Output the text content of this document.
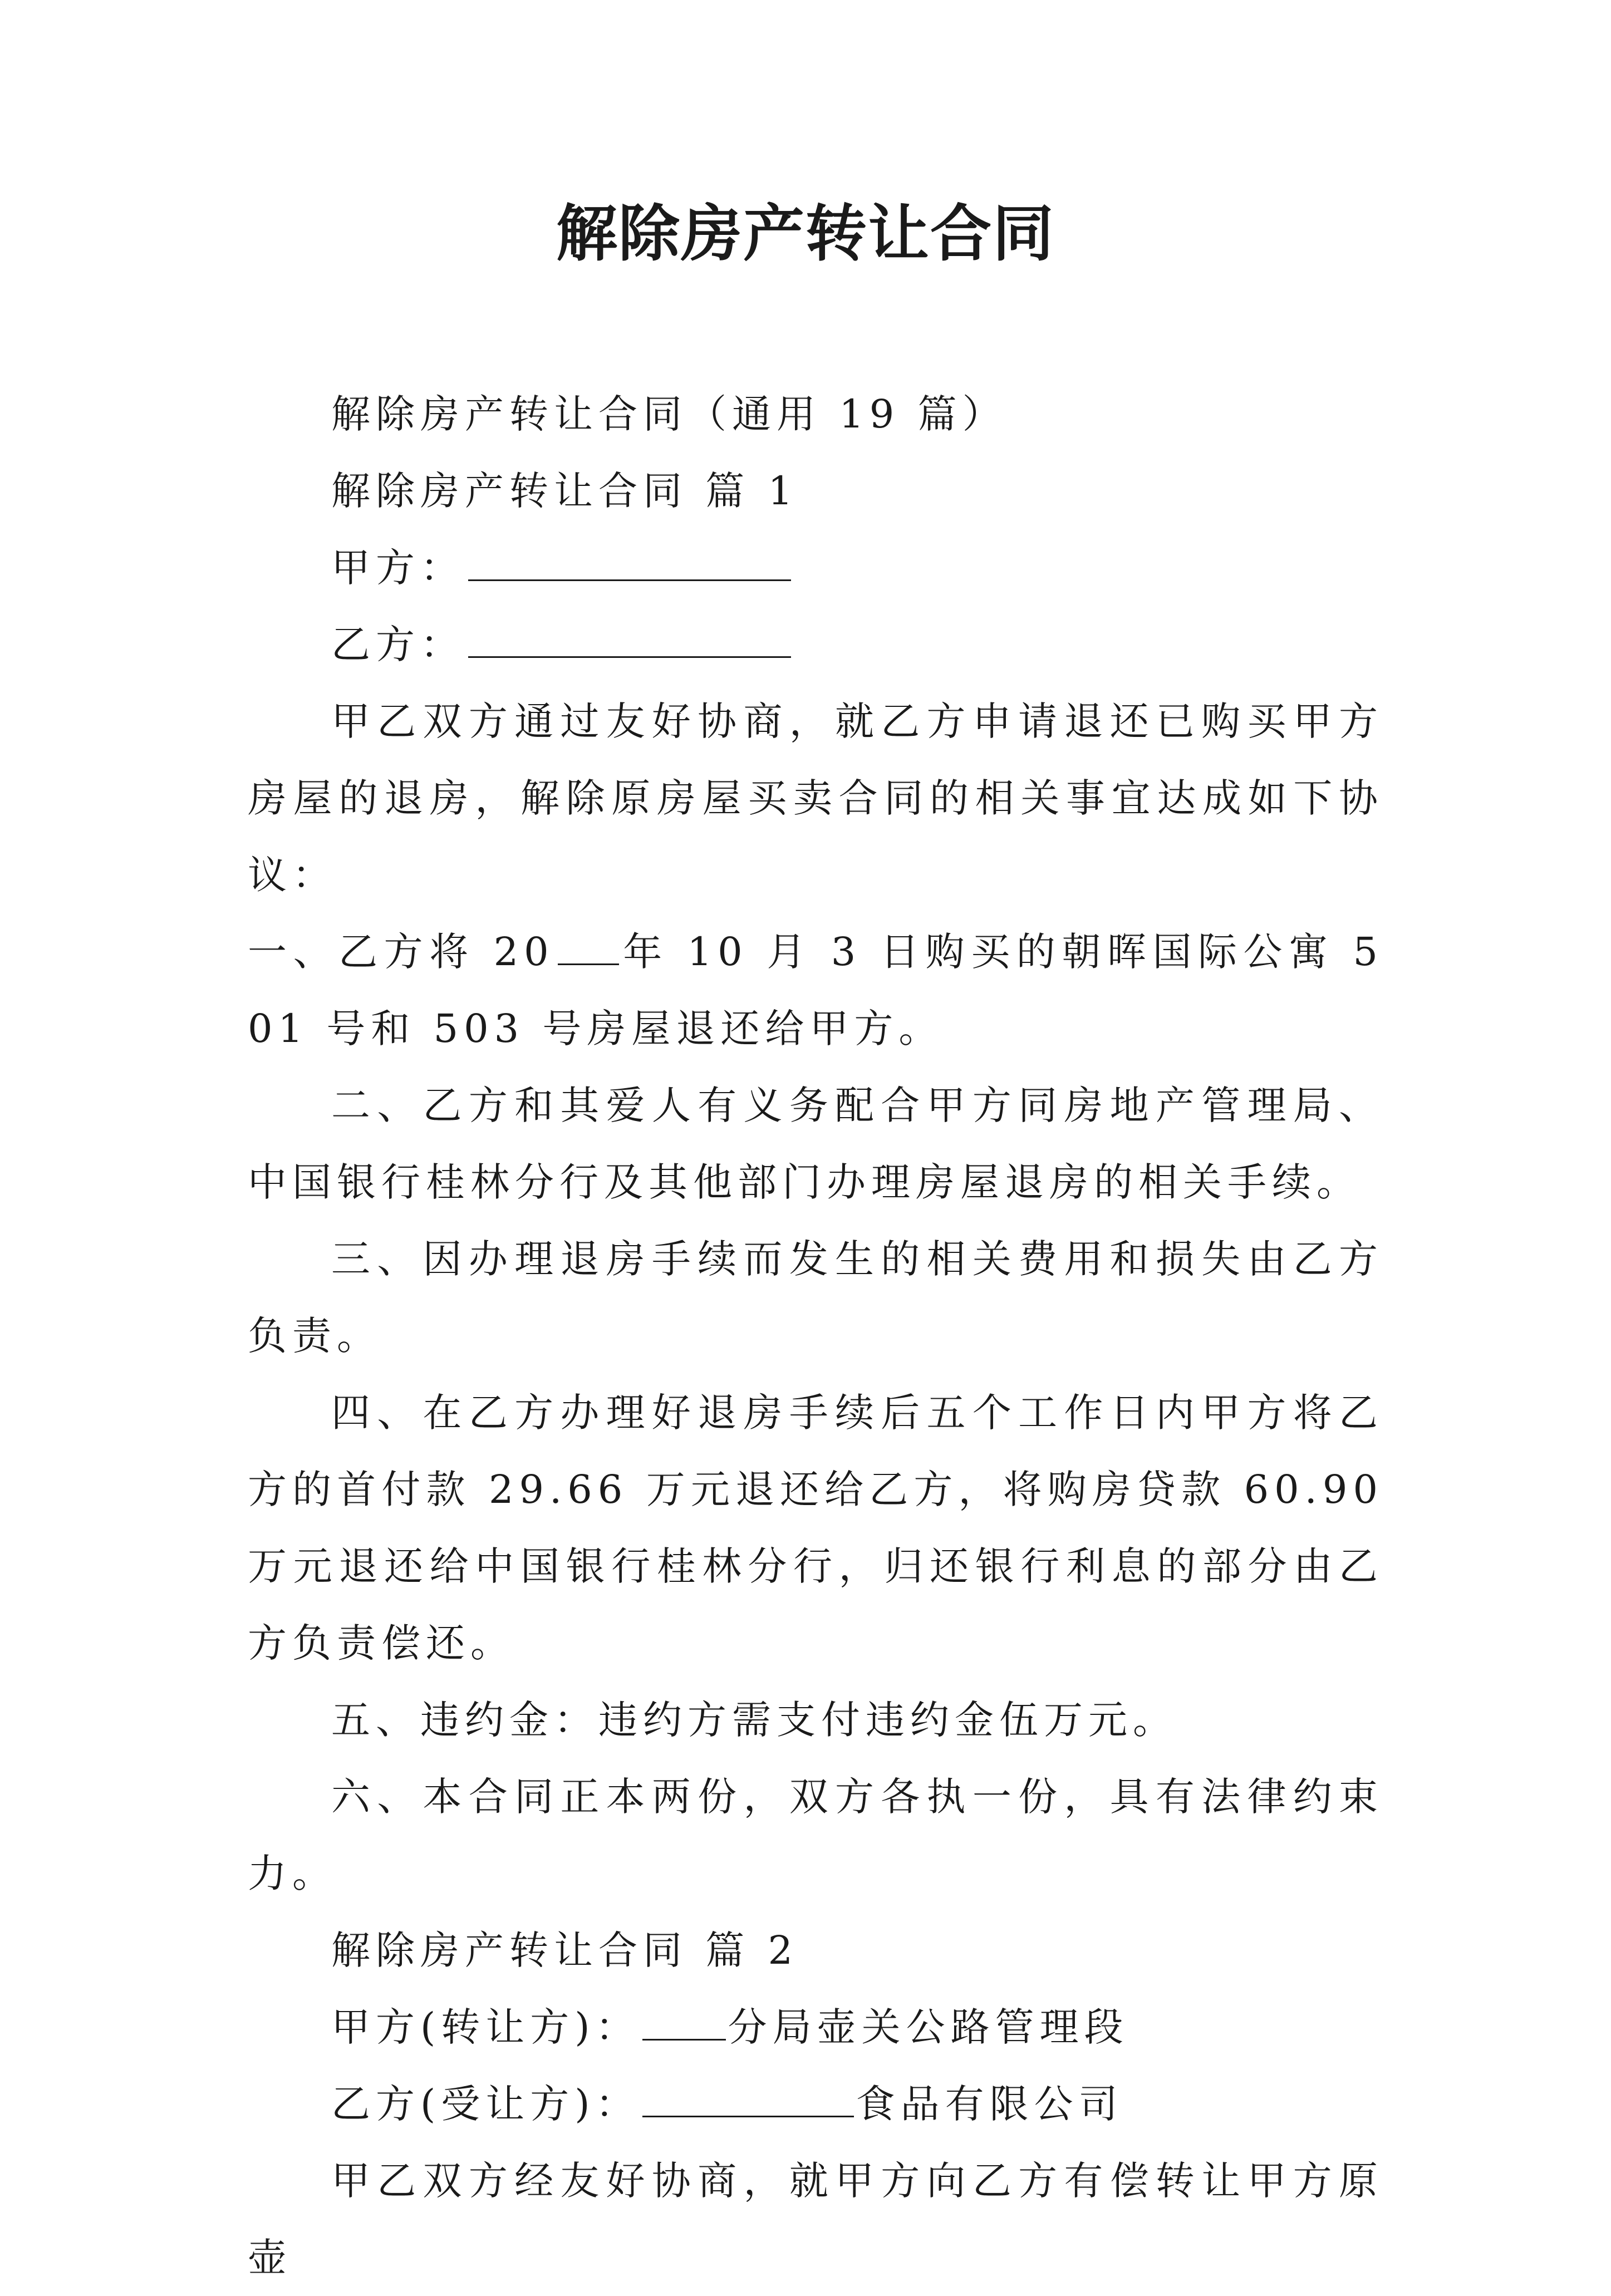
解除房产转让合同

解除房产转让合同（通用 19 篇）

解除房产转让合同 篇 1

甲方：

乙方：

甲乙双方通过友好协商，就乙方申请退还已购买甲方房屋的退房，解除原房屋买卖合同的相关事宜达成如下协议：

一、乙方将 20 年 10 月 3 日购买的朝晖国际公寓 501 号和 503 号房屋退还给甲方。

二、乙方和其爱人有义务配合甲方同房地产管理局、中国银行桂林分行及其他部门办理房屋退房的相关手续。

三、因办理退房手续而发生的相关费用和损失由乙方负责。

四、在乙方办理好退房手续后五个工作日内甲方将乙方的首付款 29.66 万元退还给乙方，将购房贷款 60.90 万元退还给中国银行桂林分行，归还银行利息的部分由乙方负责偿还。

五、违约金：违约方需支付违约金伍万元。

六、本合同正本两份，双方各执一份，具有法律约束力。

解除房产转让合同 篇 2

甲方(转让方)： 分局壶关公路管理段

乙方(受让方)：	食品有限公司

甲乙双方经友好协商，就甲方向乙方有偿转让甲方原壶
